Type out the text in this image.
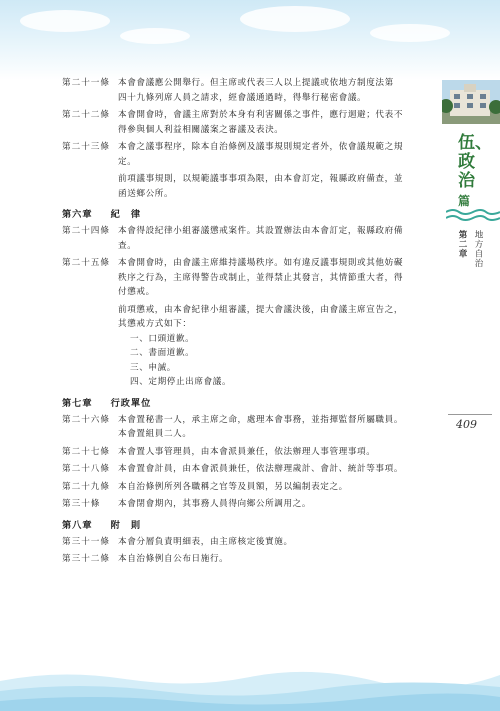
第二十一條 本會會議應公開舉行。但主席或代表三人以上提議或依地方制度法第
四十九條列席人員之請求，經會議通過時，得舉行秘密會議。
第二十二條 本會開會時，會議主席對於本身有利害關係之事件，應行迴避；代表不
得參與個人利益相關議案之審議及表決。
第二十三條 本會之議事程序，除本自治條例及議事規則規定者外，依會議規範之規
定。
前項議事規則，以規範議事事項為限，由本會訂定，報縣政府備查，並
函送鄉公所。
第六章 紀　律
第二十四條 本會得設紀律小組審議懲戒案件。其設置辦法由本會訂定，報縣政府備
查。
第二十五條 本會開會時，由會議主席維持議場秩序。如有違反議事規則或其他妨礙
秩序之行為，主席得警告或制止，並得禁止其發言，其情節重大者，得
付懲戒。
前項懲戒，由本會紀律小組審議，提大會議決後，由會議主席宣告之，
其懲戒方式如下：
一、口頭道歉。
二、書面道歉。
三、申誡。
四、定期停止出席會議。
第七章 行政單位
第二十六條 本會置秘書一人，承主席之命，處理本會事務，並指揮監督所屬職員。
本會置組員二人。
第二十七條 本會置人事管理員，由本會派員兼任，依法辦理人事管理事項。
第二十八條 本會置會計員，由本會派員兼任，依法辦理歲計、會計、統計等事項。
第二十九條 本自治條例所列各職稱之官等及員額，另以編制表定之。
第三十條	本會閉會期內，其事務人員得向鄉公所調用之。
第八章 附　則
第三十一條 本會分層負責明細表，由主席核定後實施。
第三十二條 本自治條例自公布日施行。
伍、政治篇
第二章 地方自治
409
